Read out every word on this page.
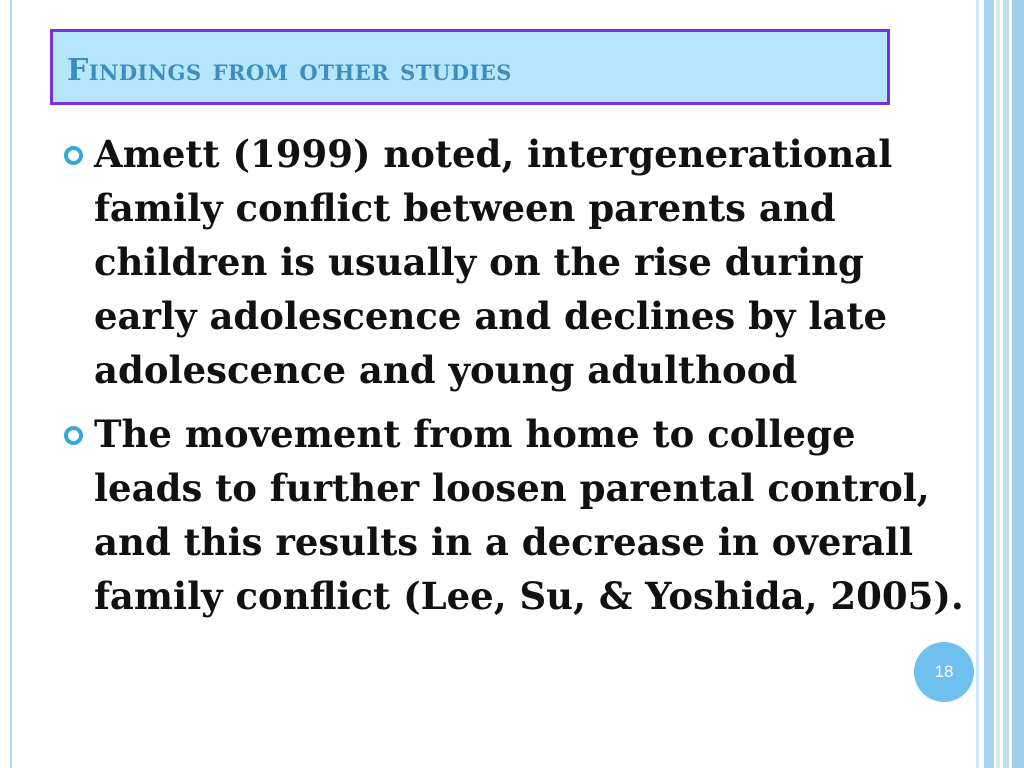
Findings from other studies
Amett (1999) noted, intergenerational family conflict between parents and children is usually on the rise during early adolescence and declines by late adolescence and young adulthood
The movement from home to college leads to further loosen parental control, and this results in a decrease in overall family conflict (Lee, Su, & Yoshida, 2005).
18
